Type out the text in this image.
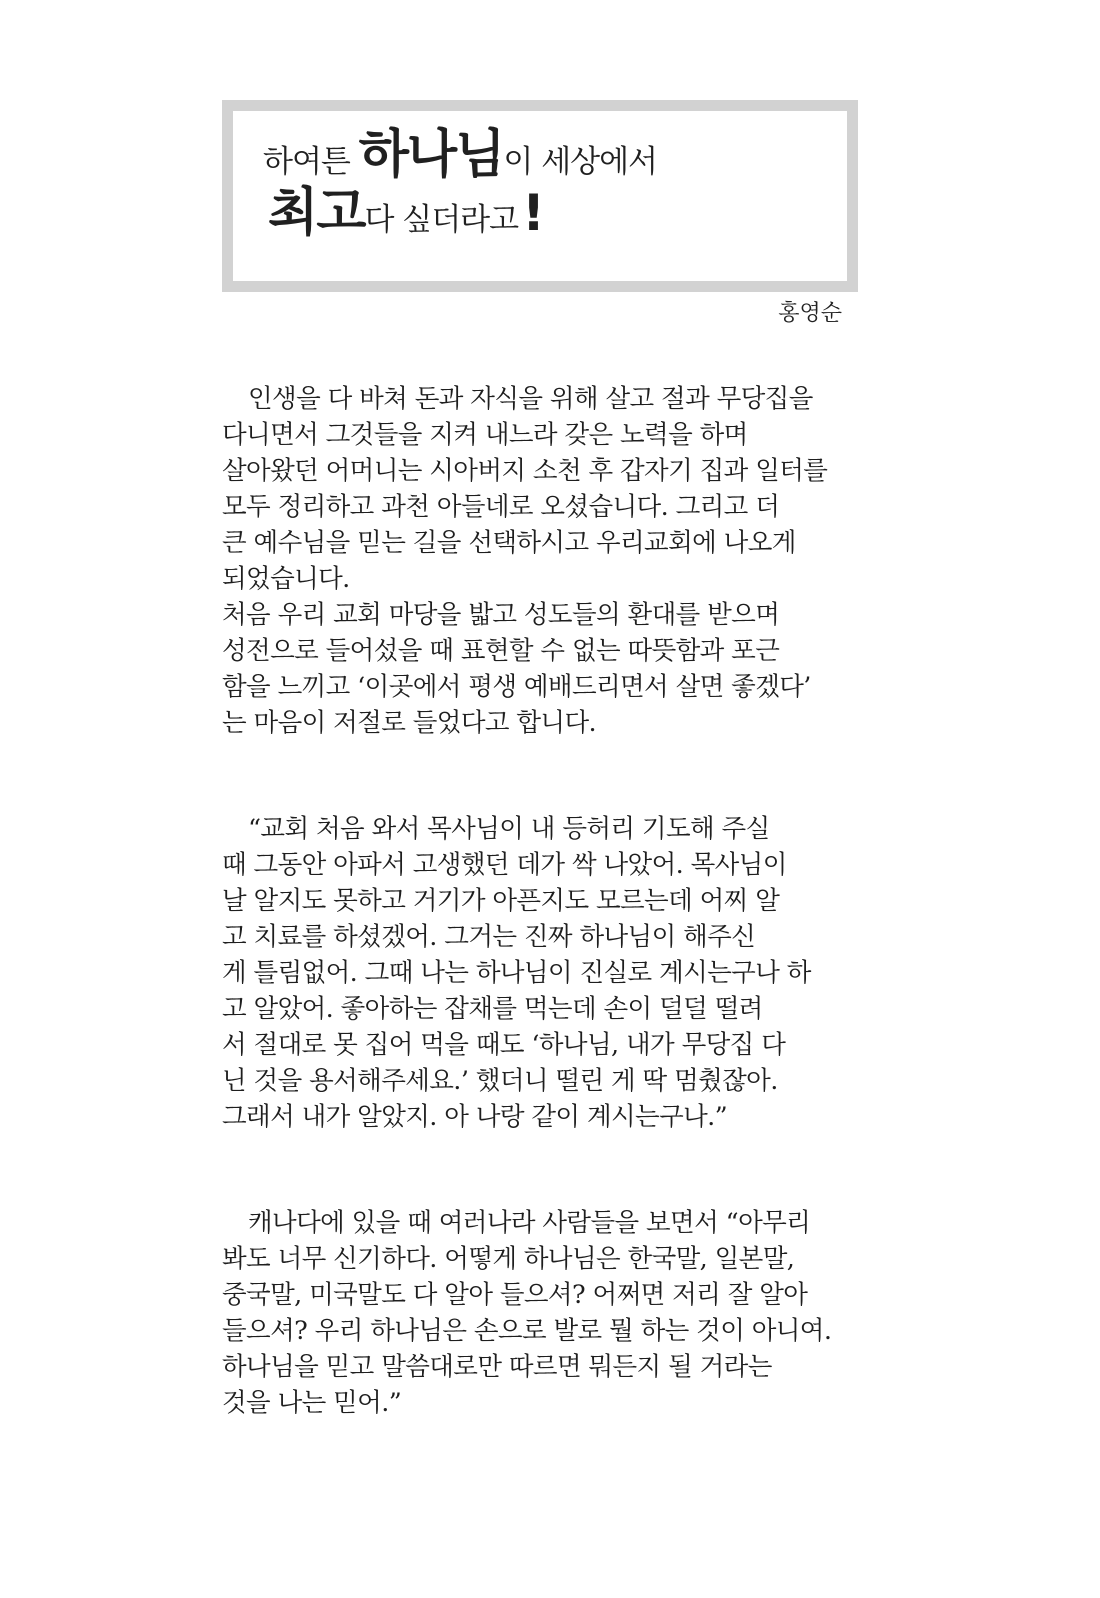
하여튼 하나님이 세상에서
최고다 싶더라고!
홍영순
인생을 다 바쳐 돈과 자식을 위해 살고 절과 무당집을
다니면서 그것들을 지켜 내느라 갖은 노력을 하며
살아왔던 어머니는 시아버지 소천 후 갑자기 집과 일터를
모두 정리하고 과천 아들네로 오셨습니다. 그리고 더
큰 예수님을 믿는 길을 선택하시고 우리교회에 나오게
되었습니다.
처음 우리 교회 마당을 밟고 성도들의 환대를 받으며
성전으로 들어섰을 때 표현할 수 없는 따뜻함과 포근
함을 느끼고 ‘이곳에서 평생 예배드리면서 살면 좋겠다’
는 마음이 저절로 들었다고 합니다.
“교회 처음 와서 목사님이 내 등허리 기도해 주실
때 그동안 아파서 고생했던 데가 싹 나았어. 목사님이
날 알지도 못하고 거기가 아픈지도 모르는데 어찌 알
고 치료를 하셨겠어. 그거는 진짜 하나님이 해주신
게 틀림없어. 그때 나는 하나님이 진실로 계시는구나 하
고 알았어. 좋아하는 잡채를 먹는데 손이 덜덜 떨려
서 절대로 못 집어 먹을 때도 ‘하나님, 내가 무당집 다
닌 것을 용서해주세요.’ 했더니 떨린 게 딱 멈췄잖아.
그래서 내가 알았지. 아 나랑 같이 계시는구나.”
캐나다에 있을 때 여러나라 사람들을 보면서 “아무리
봐도 너무 신기하다. 어떻게 하나님은 한국말, 일본말,
중국말, 미국말도 다 알아 들으셔? 어쩌면 저리 잘 알아
들으셔? 우리 하나님은 손으로 발로 뭘 하는 것이 아니여.
하나님을 믿고 말씀대로만 따르면 뭐든지 될 거라는
것을 나는 믿어.”
